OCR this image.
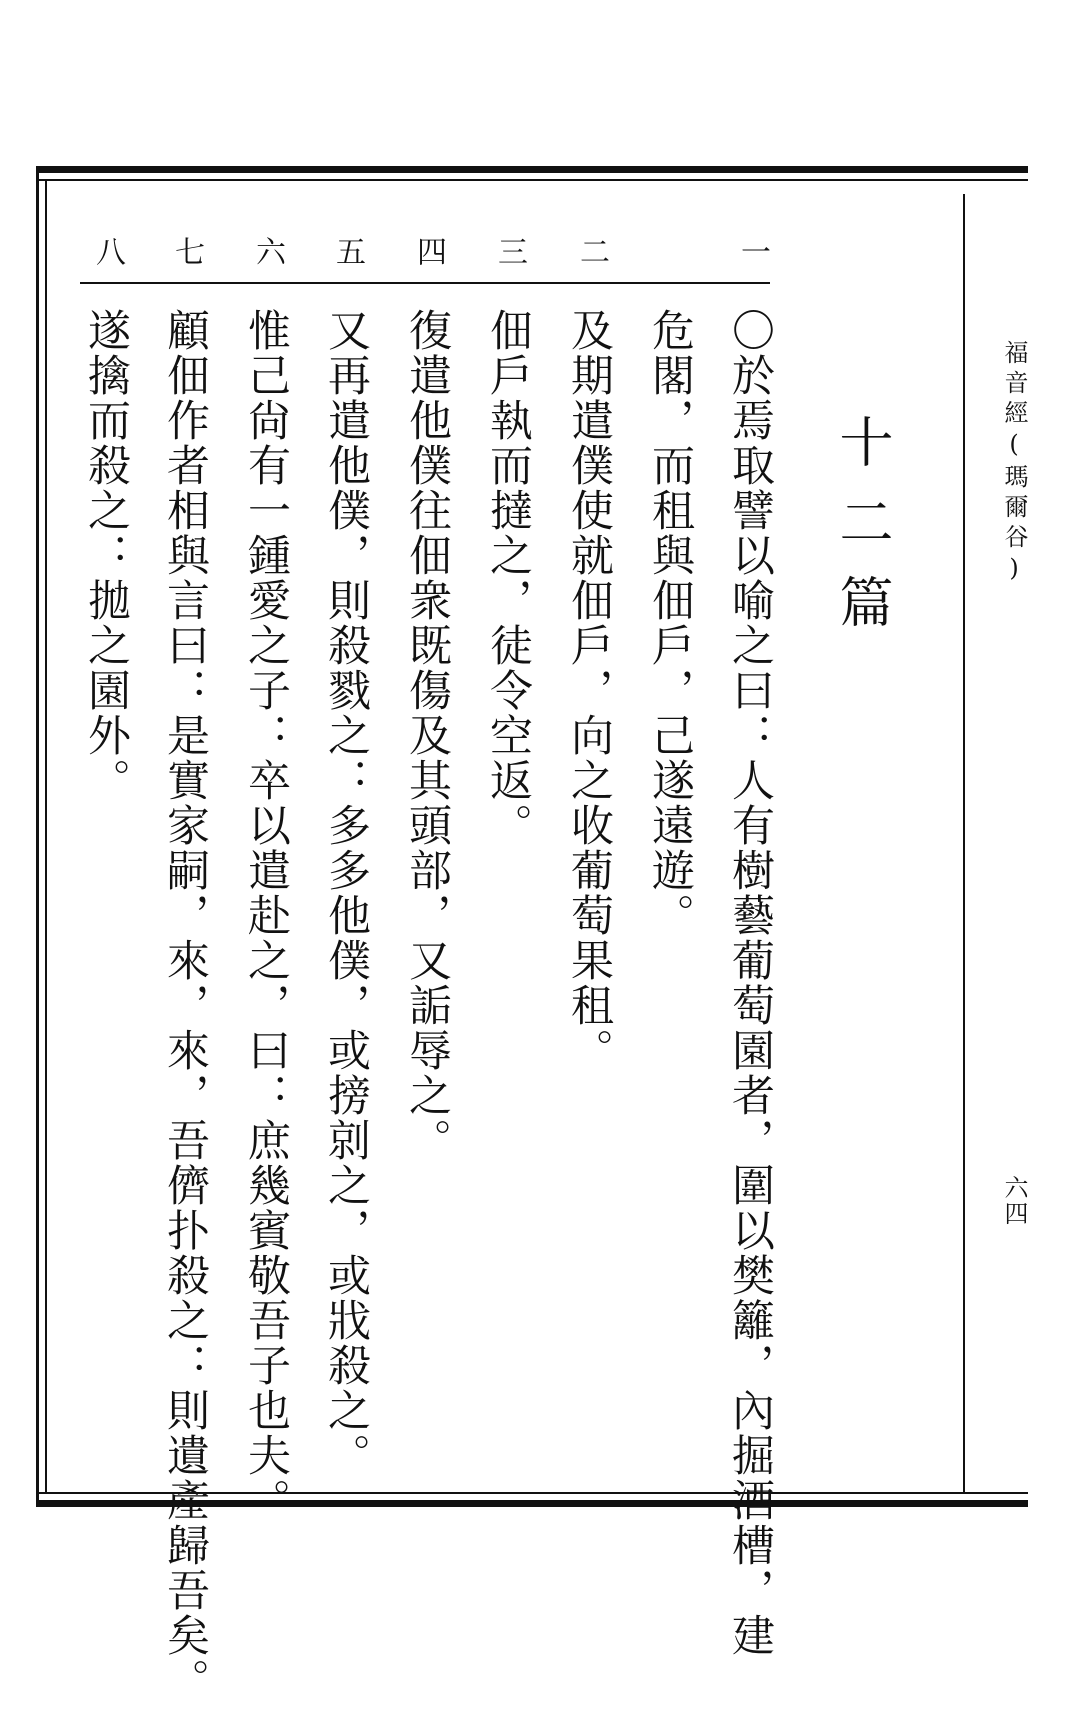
福音經(瑪爾谷)
六四
十二篇
一
二
三
四
五
六
七
八
〇於焉取譬以喻之曰：人有樹藝葡萄園者，圍以樊籬，內掘酒槽，建
危閣，而租與佃戶，己遂遠遊。
及期遣僕使就佃戶，向之收葡萄果租。
佃戶執而撻之，徒令空返。
復遣他僕往佃衆既傷及其頭部，又詬辱之。
又再遣他僕，則殺戮之：多多他僕，或搒剠之，或戕殺之。
惟己尙有一鍾愛之子：卒以遣赴之，曰：庶幾賓敬吾子也夫。
顧佃作者相與言曰：是實家嗣，來，來，吾儕扑殺之：則遺產歸吾矣。
遂擒而殺之：拋之園外。
